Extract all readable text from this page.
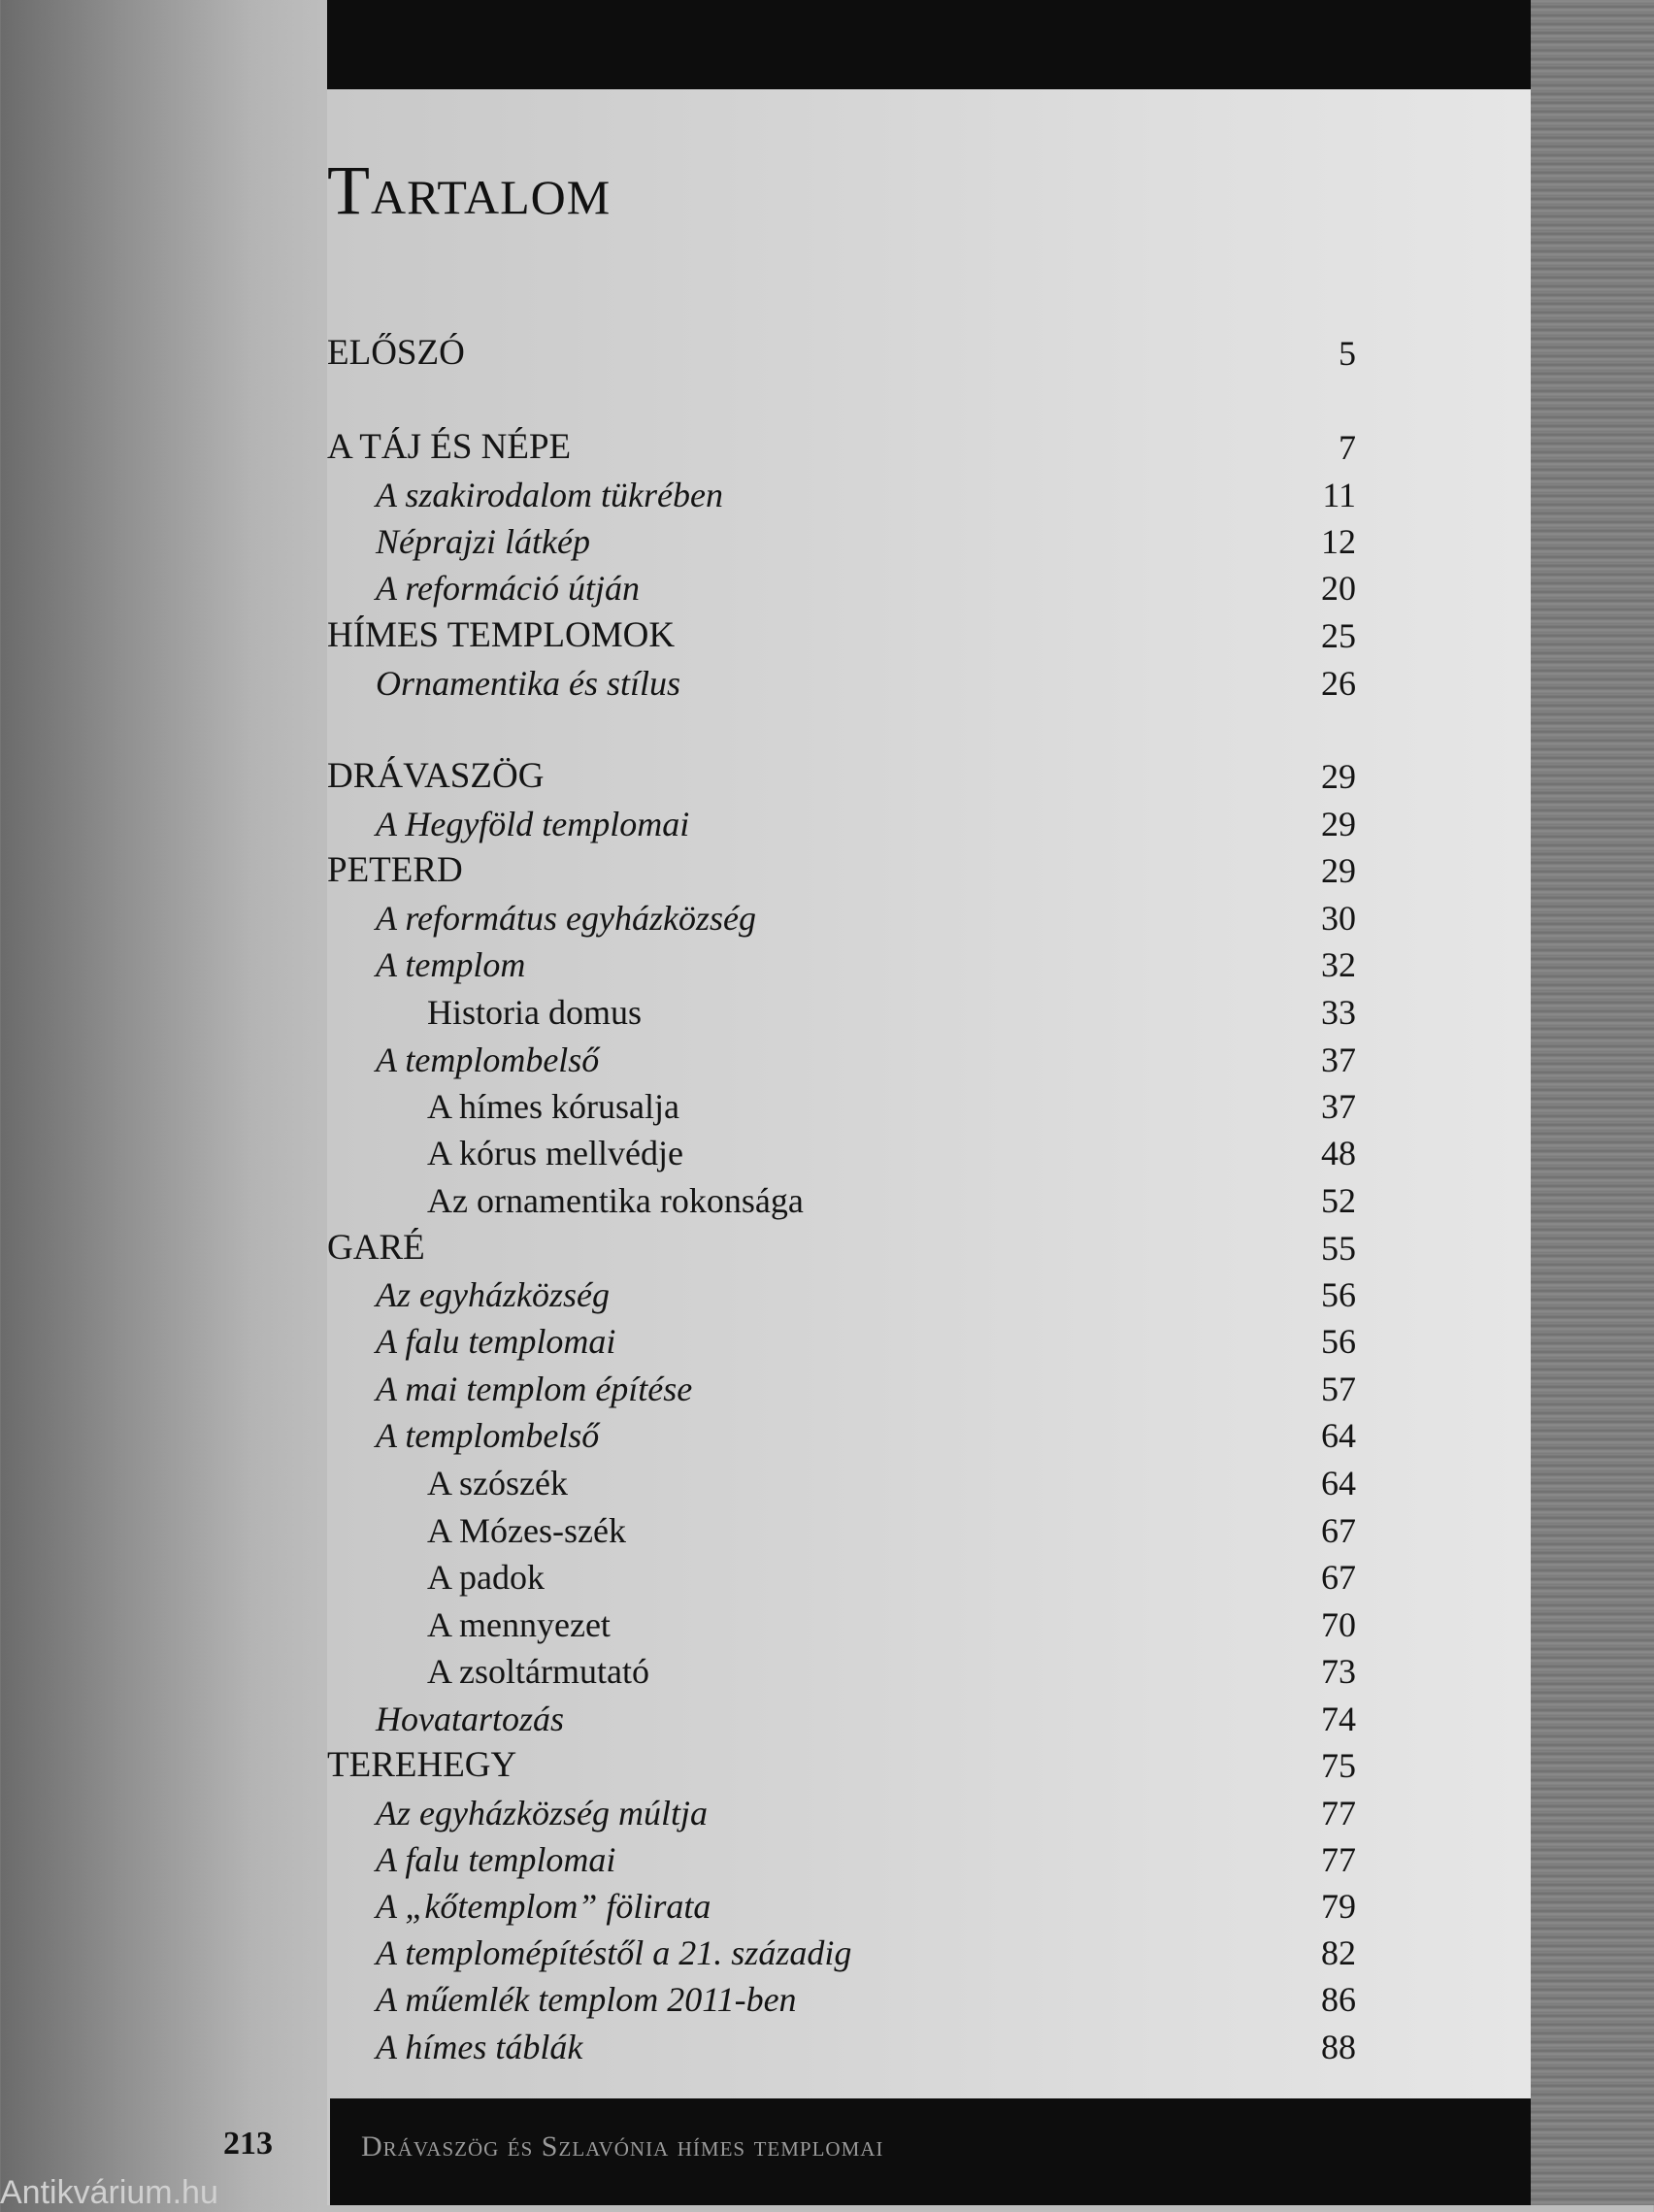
Tartalom
ELŐSZÓ	5
A TÁJ ÉS NÉPE	7
A szakirodalom tükrében	11
Néprajzi látkép	12
A reformáció útján	20
HÍMES TEMPLOMOK	25
Ornamentika és stílus	26
DRÁVASZÖG	29
A Hegyföld templomai	29
PETERD	29
A református egyházközség	30
A templom	32
Historia domus	33
A templombelső	37
A hímes kórusalja	37
A kórus mellvédje	48
Az ornamentika rokonsága	52
GARÉ	55
Az egyházközség	56
A falu templomai	56
A mai templom építése	57
A templombelső	64
A szószék	64
A Mózes-szék	67
A padok	67
A mennyezet	70
A zsoltármutató	73
Hovatartozás	74
TEREHEGY	75
Az egyházközség múltja	77
A falu templomai	77
A „kőtemplom” fölirata	79
A templomépítéstől a 21. századig	82
A műemlék templom 2011-ben	86
A hímes táblák	88
213	Drávaszög és Szlavónia hímes templomai
Antikvárium.hu
